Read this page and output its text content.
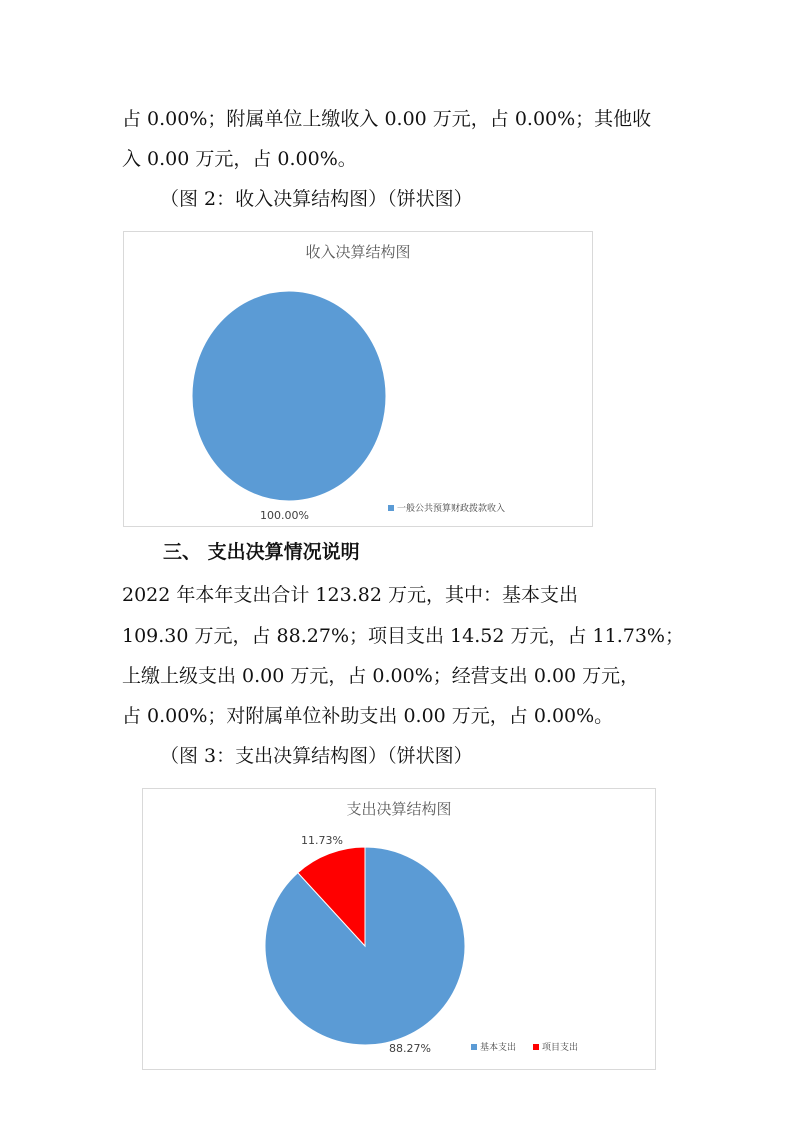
占 0.00%；附属单位上缴收入 0.00 万元，占 0.00%；其他收
入 0.00 万元，占 0.00%。
（图 2：收入决算结构图）（饼状图）
收入决算结构图
100.00%	一般公共预算财政拨款收入
三、 支出决算情况说明
2022 年本年支出合计 123.82 万元，其中：基本支出
109.30 万元，占 88.27%；项目支出 14.52 万元，占 11.73%；
上缴上级支出 0.00 万元，占 0.00%；经营支出 0.00 万元，
占 0.00%；对附属单位补助支出 0.00 万元，占 0.00%。
（图 3：支出决算结构图）（饼状图）
支出决算结构图
11.73%
88.27%	基本支出	项目支出
